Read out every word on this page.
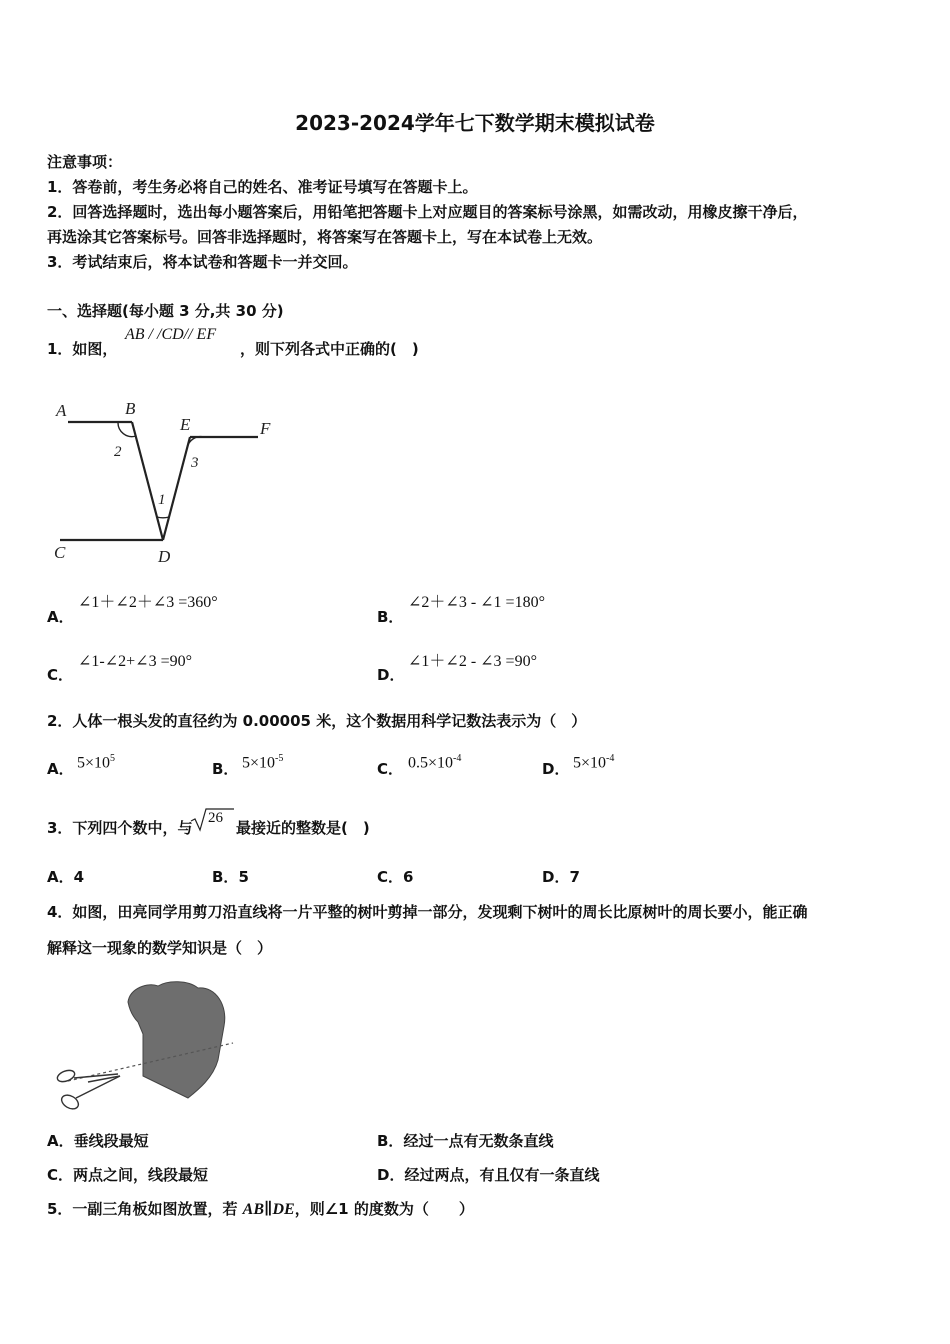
2023-2024学年七下数学期末模拟试卷
注意事项：
1．答卷前，考生务必将自己的姓名、准考证号填写在答题卡上。
2．回答选择题时，选出每小题答案后，用铅笔把答题卡上对应题目的答案标号涂黑，如需改动，用橡皮擦干净后，
再选涂其它答案标号。回答非选择题时，将答案写在答题卡上，写在本试卷上无效。
3．考试结束后，将本试卷和答题卡一并交回。
一、选择题(每小题 3 分,共 30 分)
1．如图，
AB / /CD// EF
，则下列各式中正确的(　)
A	B
E	F
C	D
2
3
1
A．
∠1＋∠2＋∠3 =360°
B．
∠2＋∠3 - ∠1 =180°
C．
∠1-∠2+∠3 =90°
D．
∠1＋∠2 - ∠3 =90°
2．人体一根头发的直径约为 0.00005 米，这个数据用科学记数法表示为（　）
A． $5\times 10^5$
B． $5\times 10^{-5}$
C． $0.5\times 10^{-4}$
D． $5\times 10^{-4}$
3．下列四个数中，与
26
最接近的整数是(　)
A．4	B．5	C．6	D．7
4．如图，田亮同学用剪刀沿直线将一片平整的树叶剪掉一部分，发现剩下树叶的周长比原树叶的周长要小，能正确
解释这一现象的数学知识是（　）
A．垂线段最短	B．经过一点有无数条直线
C．两点之间，线段最短	D．经过两点，有且仅有一条直线
5．一副三角板如图放置，若 AB∥DE，则∠1 的度数为（　　）
